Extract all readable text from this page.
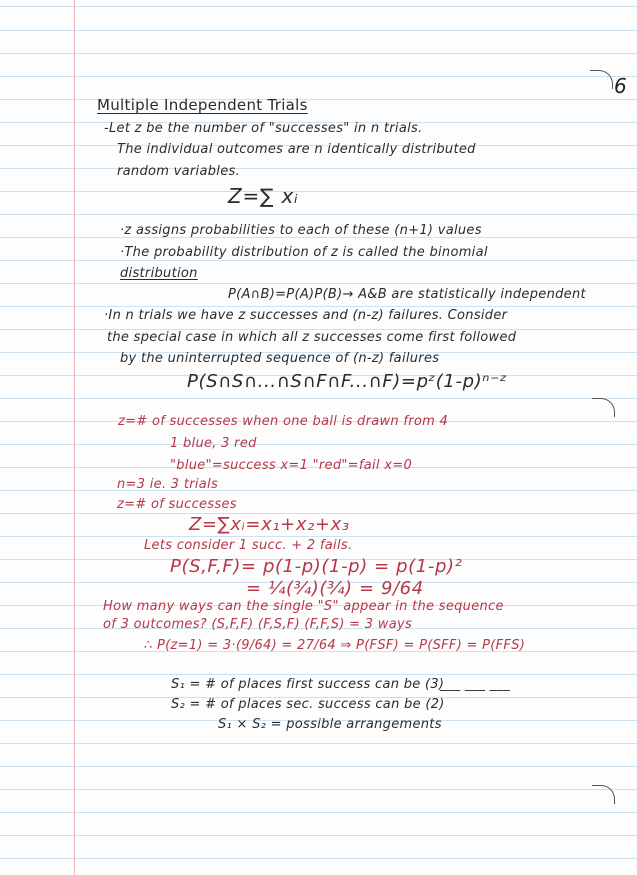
6
Multiple Independent Trials
-Let z be the number of "successes" in n trials.
The individual outcomes are n identically distributed
random variables.
Z=∑ xᵢ
·z assigns probabilities to each of these (n+1) values
·The probability distribution of z is called the binomial
distribution
P(A∩B)=P(A)P(B)→ A&B are statistically independent
·In n trials we have z successes and (n-z) failures. Consider
the special case in which all z successes come first followed
by the uninterrupted sequence of (n-z) failures
P(S∩S∩...∩S∩F∩F...∩F)=pᶻ(1-p)ⁿ⁻ᶻ
z=# of successes when one ball is drawn from 4
1 blue, 3 red
"blue"=success x=1 "red"=fail x=0
n=3 ie. 3 trials
z=# of successes
Z=∑xᵢ=x₁+x₂+x₃
Lets consider 1 succ. + 2 fails.
P(S,F,F)= p(1-p)(1-p) = p(1-p)²
= ¼(¾)(¾) = 9/64
How many ways can the single "S" appear in the sequence
of 3 outcomes? (S,F,F) (F,S,F) (F,F,S) = 3 ways
∴ P(z=1) = 3·(9/64) = 27/64 ⇒ P(FSF) = P(SFF) = P(FFS)
S₁ = # of places first success can be (3)
___ ___ ___
S₂ = # of places sec. success can be (2)
S₁ × S₂ = possible arrangements
